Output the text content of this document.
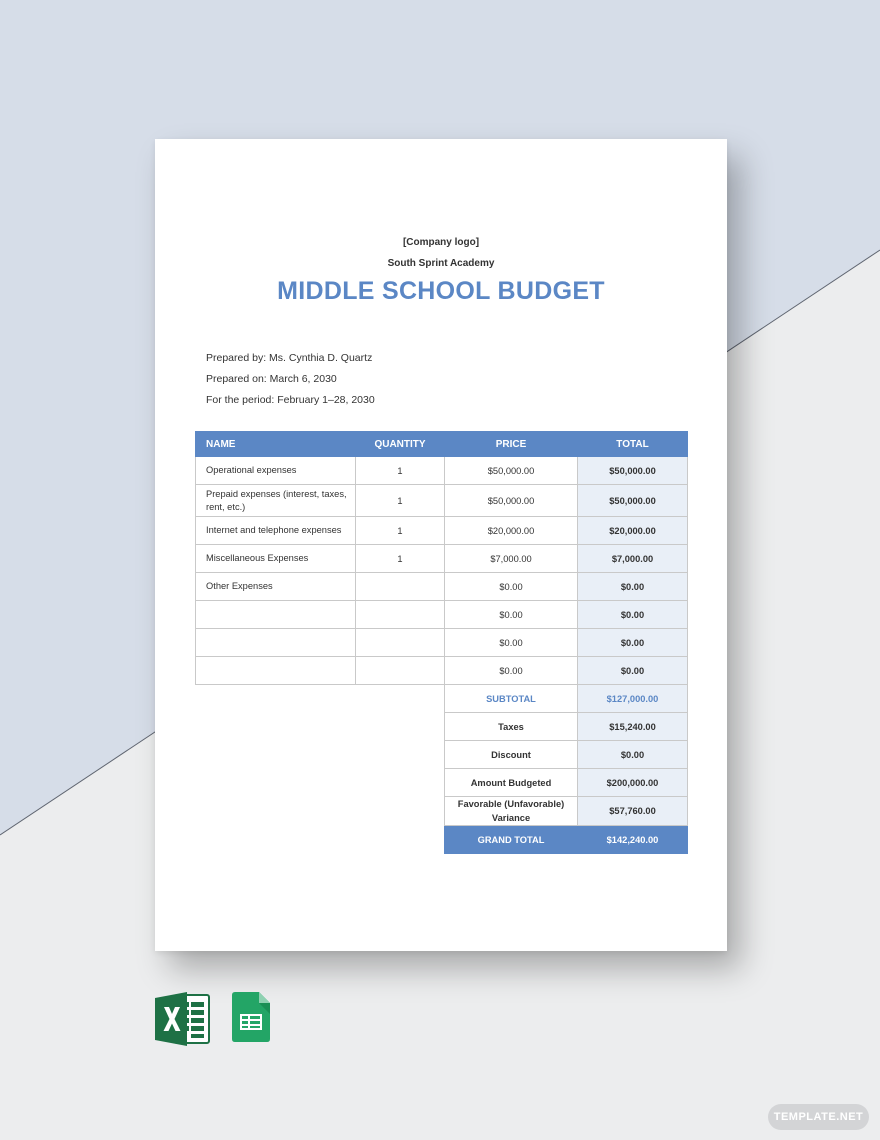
[Company logo]
South Sprint Academy
MIDDLE SCHOOL BUDGET
Prepared by: Ms. Cynthia D. Quartz
Prepared on: March 6, 2030
For the period: February 1–28, 2030
NAME	QUANTITY	PRICE	TOTAL
Operational expenses	1	$50,000.00	$50,000.00
Prepaid expenses (interest, taxes, rent, etc.)	1	$50,000.00	$50,000.00
Internet and telephone expenses	1	$20,000.00	$20,000.00
Miscellaneous Expenses	1	$7,000.00	$7,000.00
Other Expenses		$0.00	$0.00
		$0.00	$0.00
		$0.00	$0.00
		$0.00	$0.00
		SUBTOTAL	$127,000.00
		Taxes	$15,240.00
		Discount	$0.00
		Amount Budgeted	$200,000.00
		Favorable (Unfavorable) Variance	$57,760.00
		GRAND TOTAL	$142,240.00
TEMPLATE.NET
